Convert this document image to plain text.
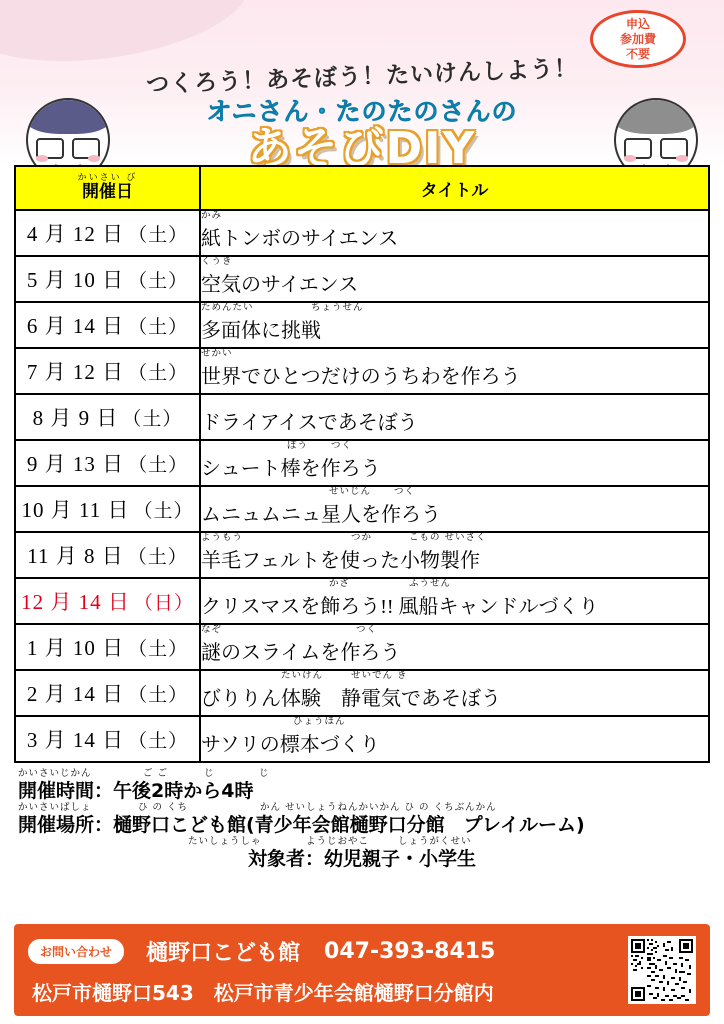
申込
参加費
不要
つくろう！あそぼう！たいけんしよう！
オニさん・たのたのさんの
あそびDIY
かいさい び
開催日	タイトル

4 月 12 日 （土）	紙トンボのサイエンス
かみ

5 月 10 日 （土）	空気のサイエンス
くうき

6 月 14 日 （土）	多面体に挑戦
ためんたい ちょうせん

7 月 12 日 （土）	世界でひとつだけのうちわを作ろう
せかい

8 月 9 日 （土）	ドライアイスであそぼう

9 月 13 日 （土）	シュート棒を作ろう
ぼう つく

10 月 11 日 （土）	ムニュムニュ星人を作ろう
せいじん つく

11 月 8 日 （土）	羊毛フェルトを使った小物製作
ようもう つか こもの せいさく

12 月 14 日 （日）	クリスマスを飾ろう!! 風船キャンドルづくり
かざ ふうせん

1 月 10 日 （土）	謎のスライムを作ろう
なぞ つく

2 月 14 日 （土）	びりりん体験　静電気であそぼう
たいけん せいでん き

3 月 14 日 （土）	サソリの標本づくり
ひょうほん
開催時間：午後2時から4時
かいさいじかん	ご ご	じ	じ
開催場所：樋野口こども館(青少年会館樋野口分館　プレイルーム)
かいさいばしょ	ひ の くち	かん せいしょうねんかいかん ひ の くちぶんかん
対象者：幼児親子・小学生
たいしょうしゃ	ようじおやこ	しょうがくせい
お問い合わせ	樋野口こども館 047-393-8415
松戸市樋野口543　松戸市青少年会館樋野口分館内
